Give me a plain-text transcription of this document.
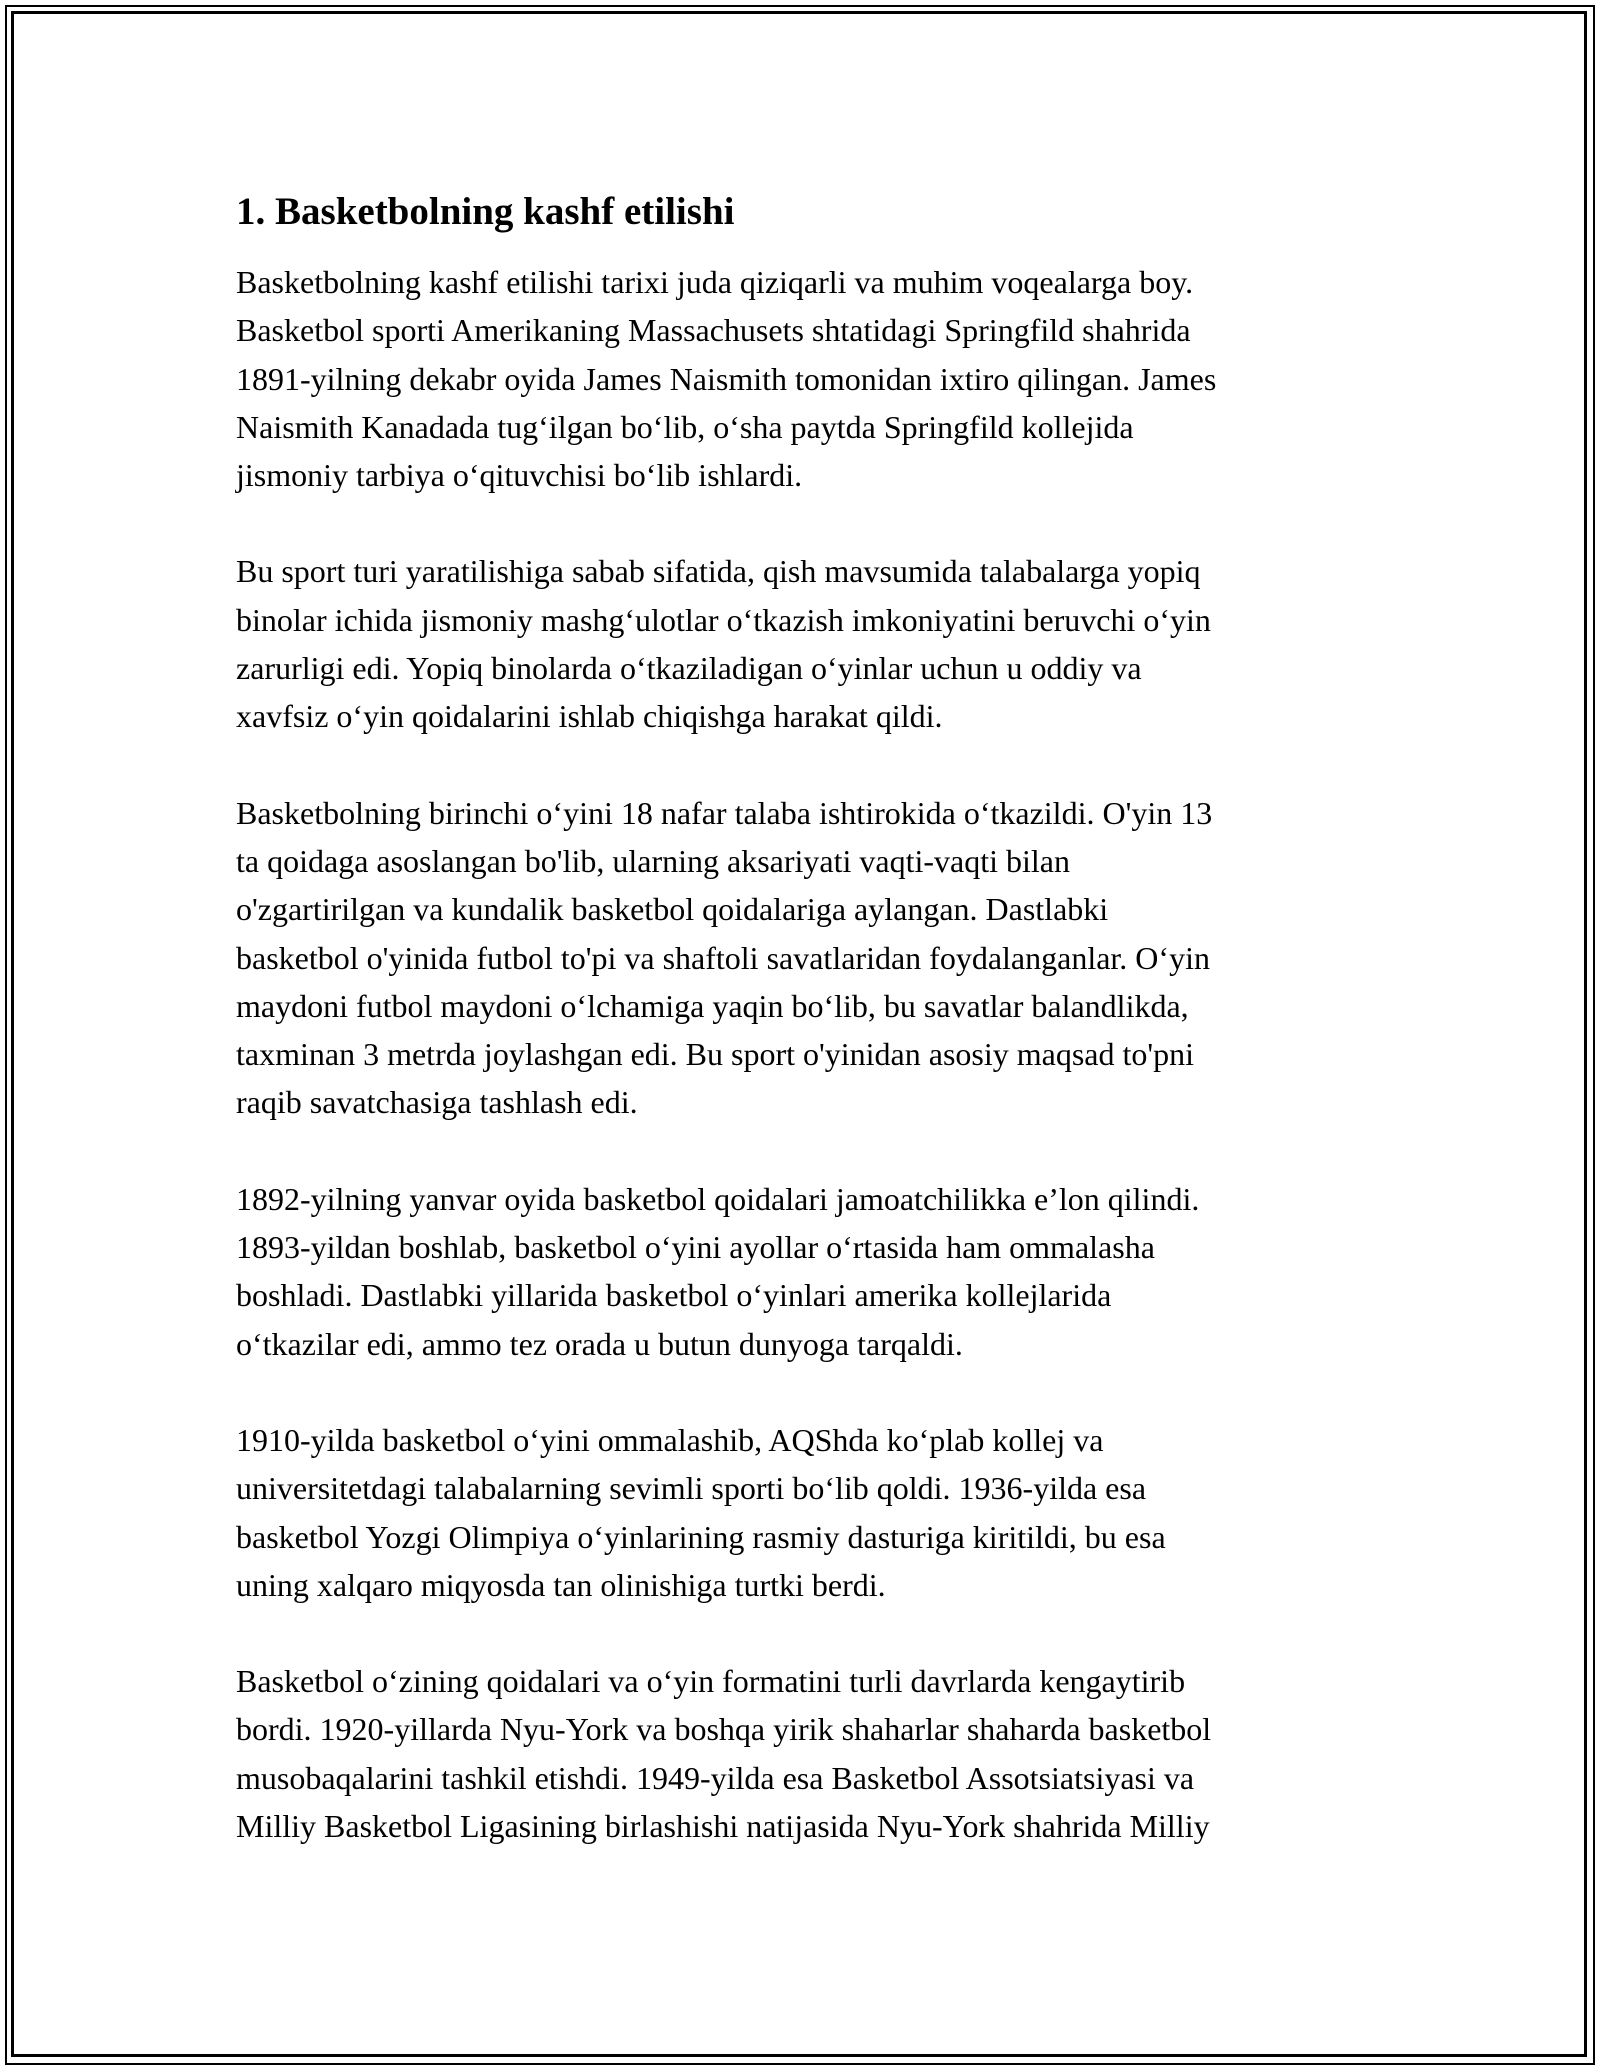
1. Basketbolning kashf etilishi

Basketbolning kashf etilishi tarixi juda qiziqarli va muhim voqealarga boy.
Basketbol sporti Amerikaning Massachusets shtatidagi Springfild shahrida
1891-yilning dekabr oyida James Naismith tomonidan ixtiro qilingan. James
Naismith Kanadada tug‘ilgan bo‘lib, o‘sha paytda Springfild kollejida
jismoniy tarbiya o‘qituvchisi bo‘lib ishlardi.

Bu sport turi yaratilishiga sabab sifatida, qish mavsumida talabalarga yopiq
binolar ichida jismoniy mashg‘ulotlar o‘tkazish imkoniyatini beruvchi o‘yin
zarurligi edi. Yopiq binolarda o‘tkaziladigan o‘yinlar uchun u oddiy va
xavfsiz o‘yin qoidalarini ishlab chiqishga harakat qildi.

Basketbolning birinchi o‘yini 18 nafar talaba ishtirokida o‘tkazildi. O'yin 13
ta qoidaga asoslangan bo'lib, ularning aksariyati vaqti-vaqti bilan
o'zgartirilgan va kundalik basketbol qoidalariga aylangan. Dastlabki
basketbol o'yinida futbol to'pi va shaftoli savatlaridan foydalanganlar. O‘yin
maydoni futbol maydoni o‘lchamiga yaqin bo‘lib, bu savatlar balandlikda,
taxminan 3 metrda joylashgan edi. Bu sport o'yinidan asosiy maqsad to'pni
raqib savatchasiga tashlash edi.

1892-yilning yanvar oyida basketbol qoidalari jamoatchilikka e’lon qilindi.
1893-yildan boshlab, basketbol o‘yini ayollar o‘rtasida ham ommalasha
boshladi. Dastlabki yillarida basketbol o‘yinlari amerika kollejlarida
o‘tkazilar edi, ammo tez orada u butun dunyoga tarqaldi.

1910-yilda basketbol o‘yini ommalashib, AQShda ko‘plab kollej va
universitetdagi talabalarning sevimli sporti bo‘lib qoldi. 1936-yilda esa
basketbol Yozgi Olimpiya o‘yinlarining rasmiy dasturiga kiritildi, bu esa
uning xalqaro miqyosda tan olinishiga turtki berdi.

Basketbol o‘zining qoidalari va o‘yin formatini turli davrlarda kengaytirib
bordi. 1920-yillarda Nyu-York va boshqa yirik shaharlar shaharda basketbol
musobaqalarini tashkil etishdi. 1949-yilda esa Basketbol Assotsiatsiyasi va
Milliy Basketbol Ligasining birlashishi natijasida Nyu-York shahrida Milliy
